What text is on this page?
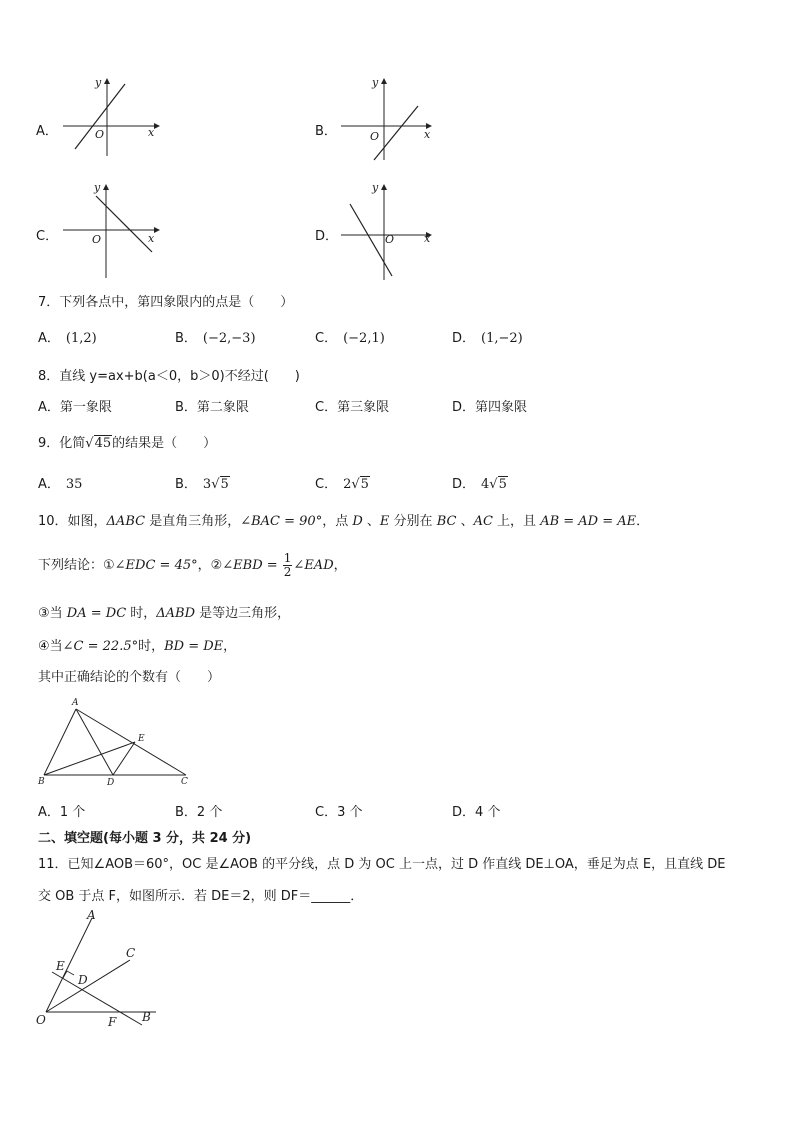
A．
y
x
O	B．
y
x
O
C．
y
x
O	D．
y
x
O
7．下列各点中，第四象限内的点是（　　）
A． (1,2)	B． (−2,−3)	C． (−2,1)	D． (1,−2)
8．直线 y=ax+b(a＜0，b＞0)不经过(　　)
A．第一象限	B．第二象限	C．第三象限	D．第四象限
9．化简√45的结果是（　　）
A． 35	B． 3√5	C． 2√5	D． 4√5
10．如图，ΔABC 是直角三角形，∠BAC = 90°，点 D 、E 分别在 BC 、AC 上，且 AB = AD = AE．
下列结论：①∠EDC = 45°，②∠EBD = $\frac{1}{2}$ ∠EAD，
③当 DA = DC 时，ΔABD 是等边三角形，
④当∠C = 22.5°时，BD = DE，
其中正确结论的个数有（　　）
A
B	C
D
E
A．1 个	B．2 个	C．3 个	D．4 个
二、填空题(每小题 3 分，共 24 分)
11．已知∠AOB＝60°，OC 是∠AOB 的平分线，点 D 为 OC 上一点，过 D 作直线 DE⊥OA，垂足为点 E，且直线 DE
交 OB 于点 F，如图所示．若 DE＝2，则 DF＝______．
A
C
E
D
O	F B
